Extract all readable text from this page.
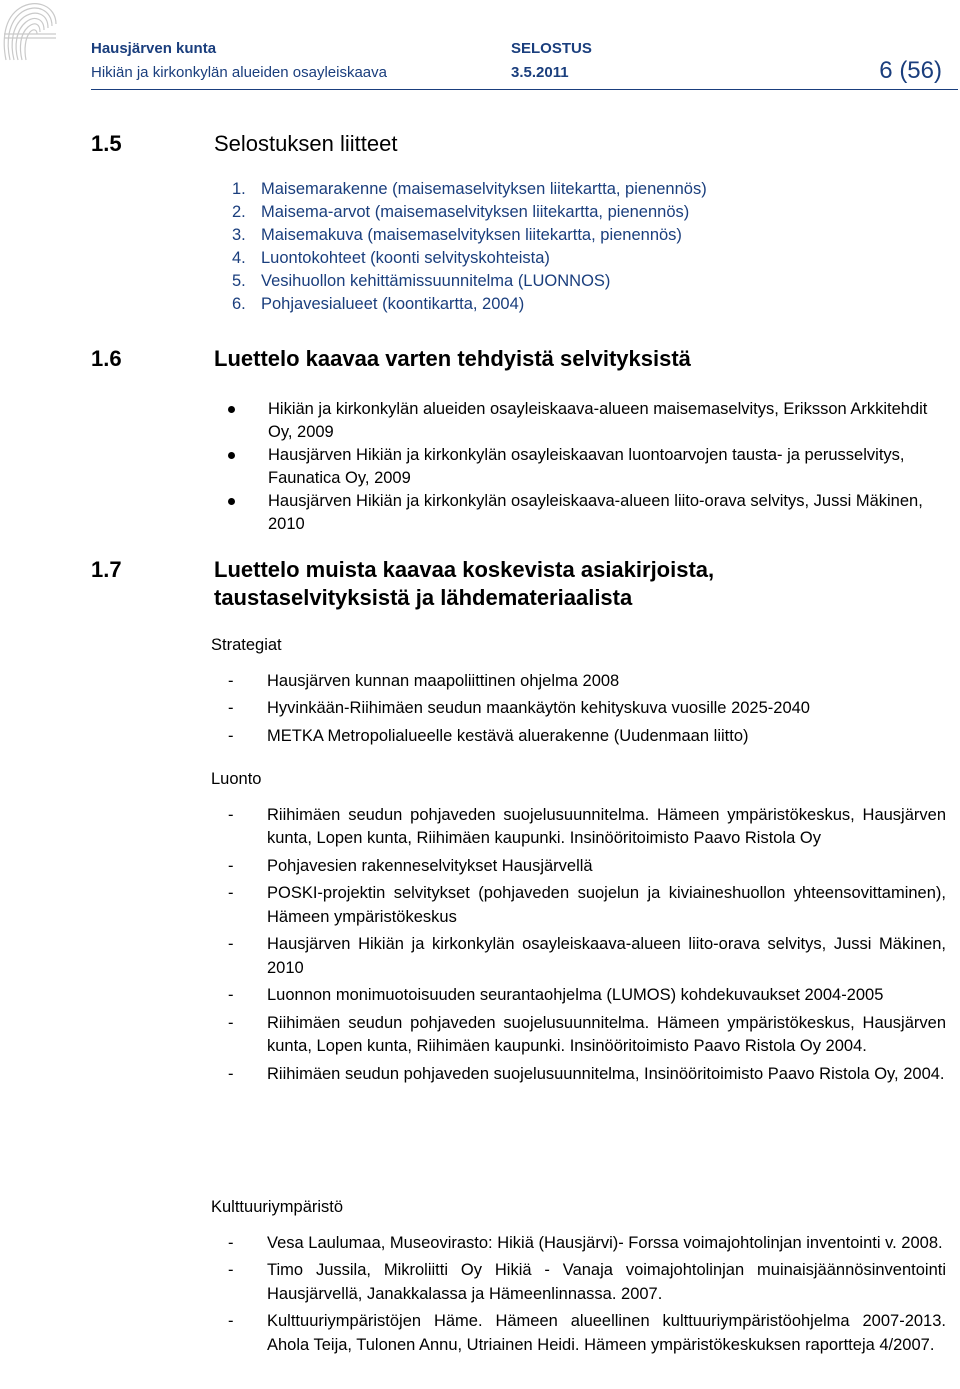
Hausjärven kunta
Hikiän ja kirkonkylän alueiden osayleiskaava
SELOSTUS
3.5.2011	6 (56)
1.5	Selostuksen liitteet
1. Maisemarakenne (maisemaselvityksen liitekartta, pienennös)
2. Maisema-arvot (maisemaselvityksen liitekartta, pienennös)
3. Maisemakuva (maisemaselvityksen liitekartta, pienennös)
4. Luontokohteet (koonti selvityskohteista)
5. Vesihuollon kehittämissuunnitelma (LUONNOS)
6. Pohjavesialueet (koontikartta, 2004)
1.6	Luettelo kaavaa varten tehdyistä selvityksistä
Hikiän ja kirkonkylän alueiden osayleiskaava-alueen maisemaselvitys, Eriksson Arkkitehdit Oy, 2009
Hausjärven Hikiän ja kirkonkylän osayleiskaavan luontoarvojen tausta- ja perusselvitys, Faunatica Oy, 2009
Hausjärven Hikiän ja kirkonkylän osayleiskaava-alueen liito-orava selvitys, Jussi Mäkinen, 2010
1.7	Luettelo muista kaavaa koskevista asiakirjoista,
taustaselvityksistä ja lähdemateriaalista
Strategiat
-	Hausjärven kunnan maapoliittinen ohjelma 2008
-	Hyvinkään-Riihimäen seudun maankäytön kehityskuva vuosille 2025-2040
-	METKA Metropolialueelle kestävä aluerakenne (Uudenmaan liitto)
Luonto
-	Riihimäen seudun pohjaveden suojelusuunnitelma. Hämeen ympäristökeskus, Hausjärven kunta, Lopen kunta, Riihimäen kaupunki. Insinööritoimisto Paavo Ristola Oy
-	Pohjavesien rakenneselvitykset Hausjärvellä
-	POSKI-projektin selvitykset (pohjaveden suojelun ja kiviaineshuollon yhteensovittaminen), Hämeen ympäristökeskus
-	Hausjärven Hikiän ja kirkonkylän osayleiskaava-alueen liito-orava selvitys, Jussi Mäkinen, 2010
-	Luonnon monimuotoisuuden seurantaohjelma (LUMOS) kohdekuvaukset 2004-2005
-	Riihimäen seudun pohjaveden suojelusuunnitelma. Hämeen ympäristökeskus, Hausjärven kunta, Lopen kunta, Riihimäen kaupunki. Insinööritoimisto Paavo Ristola Oy 2004.
-	Riihimäen seudun pohjaveden suojelusuunnitelma, Insinööritoimisto Paavo Ristola Oy, 2004.
Kulttuuriympäristö
-	Vesa Laulumaa, Museovirasto: Hikiä (Hausjärvi)- Forssa voimajohtolinjan inventointi v. 2008.
-	Timo Jussila, Mikroliitti Oy Hikiä - Vanaja voimajohtolinjan muinaisjäännösinventointi Hausjärvellä, Janakkalassa ja Hämeenlinnassa. 2007.
-	Kulttuuriympäristöjen Häme. Hämeen alueellinen kulttuuriympäristöohjelma 2007-2013. Ahola Teija, Tulonen Annu, Utriainen Heidi. Hämeen ympäristökeskuksen raportteja 4/2007.
